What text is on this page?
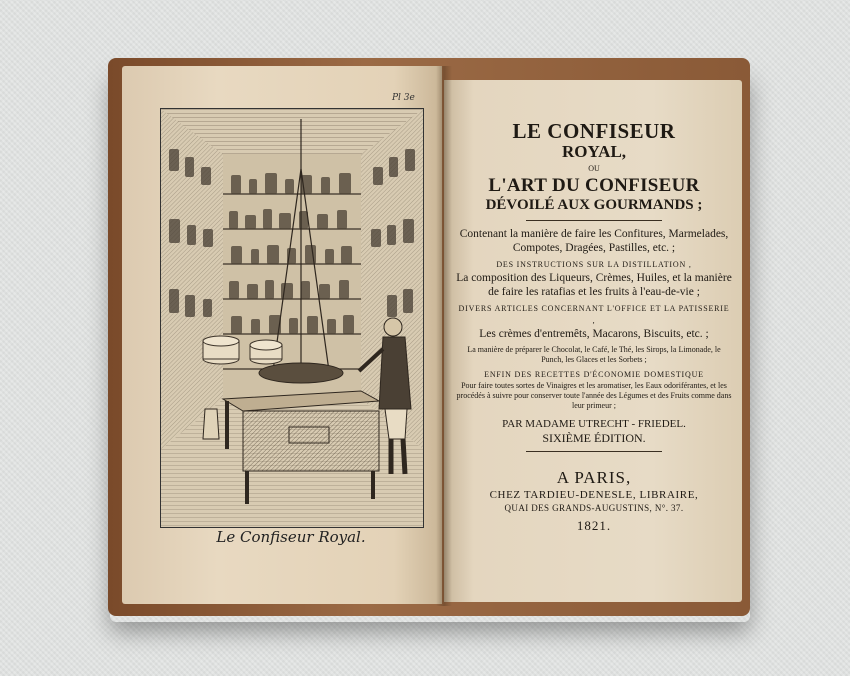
Pl 3e
Le Confiseur Royal.
LE CONFISEUR
ROYAL,
OU
L'ART DU CONFISEUR
DÉVOILÉ AUX GOURMANDS ;
Contenant la manière de faire les Confitures, Marmelades, Compotes, Dragées, Pastilles, etc. ;
DES INSTRUCTIONS SUR LA DISTILLATION ,
La composition des Liqueurs, Crèmes, Huiles, et la manière de faire les ratafias et les fruits à l'eau-de-vie ;
DIVERS ARTICLES CONCERNANT L'OFFICE ET LA PATISSERIE ,
Les crèmes d'entremêts, Macarons, Biscuits, etc. ;
La manière de préparer le Chocolat, le Café, le Thé, les Sirops, la Limonade, le Punch, les Glaces et les Sorbets ;
ENFIN DES RECETTES D'ÉCONOMIE DOMESTIQUE
Pour faire toutes sortes de Vinaigres et les aromatiser, les Eaux odoriférantes, et les procédés à suivre pour conserver toute l'année des Légumes et des Fruits comme dans leur primeur ;
PAR MADAME UTRECHT - FRIEDEL.
SIXIÈME ÉDITION.
A PARIS,
CHEZ TARDIEU-DENESLE, LIBRAIRE,
QUAI DES GRANDS-AUGUSTINS, N°. 37.
1821.
